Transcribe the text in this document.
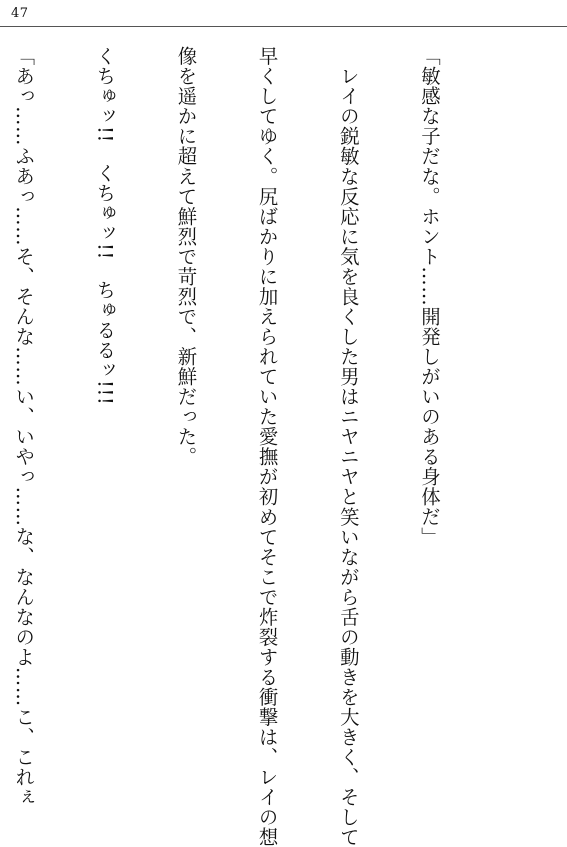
47

「敏感な子だな。ホント……開発しがいのある身体だ」

　レイの鋭敏な反応に気を良くした男はニヤニヤと笑いながら舌の動きを大きく、そして

早くしてゆく。尻ばかりに加えられていた愛撫が初めてそこで炸裂する衝撃は、レイの想

像を遥かに超えて鮮烈で苛烈で、新鮮だった。

くちゅッ!!　くちゅッ!!　ちゅるるッ!!!

「あっ……ふあっ……そ、そんな……い、いやっ……な、なんなのよ……こ、これぇ
